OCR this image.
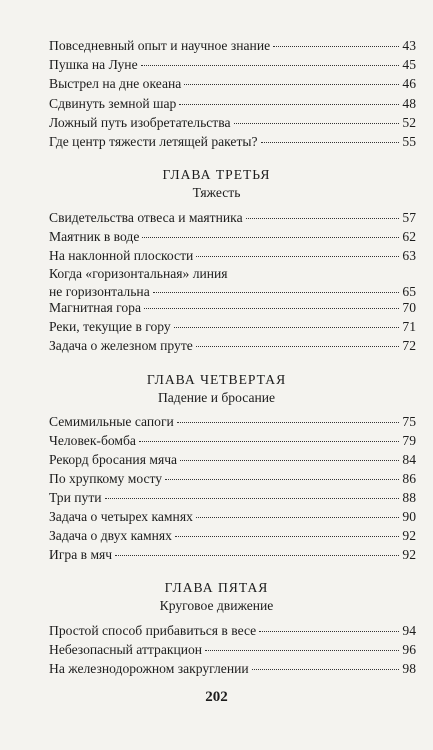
Повседневный опыт и научное знание	43
Пушка на Луне	45
Выстрел на дне океана	46
Сдвинуть земной шар	48
Ложный путь изобретательства	52
Где центр тяжести летящей ракеты?	55
ГЛАВА ТРЕТЬЯ
Тяжесть
Свидетельства отвеса и маятника	57
Маятник в воде	62
На наклонной плоскости	63
Когда «горизонтальная» линия
не горизонтальна	65
Магнитная гора	70
Реки, текущие в гору	71
Задача о железном пруте	72
ГЛАВА ЧЕТВЕРТАЯ
Падение и бросание
Семимильные сапоги	75
Человек-бомба	79
Рекорд бросания мяча	84
По хрупкому мосту	86
Три пути	88
Задача о четырех камнях	90
Задача о двух камнях	92
Игра в мяч	92
ГЛАВА ПЯТАЯ
Круговое движение
Простой способ прибавиться в весе	94
Небезопасный аттракцион	96
На железнодорожном закруглении	98
202
